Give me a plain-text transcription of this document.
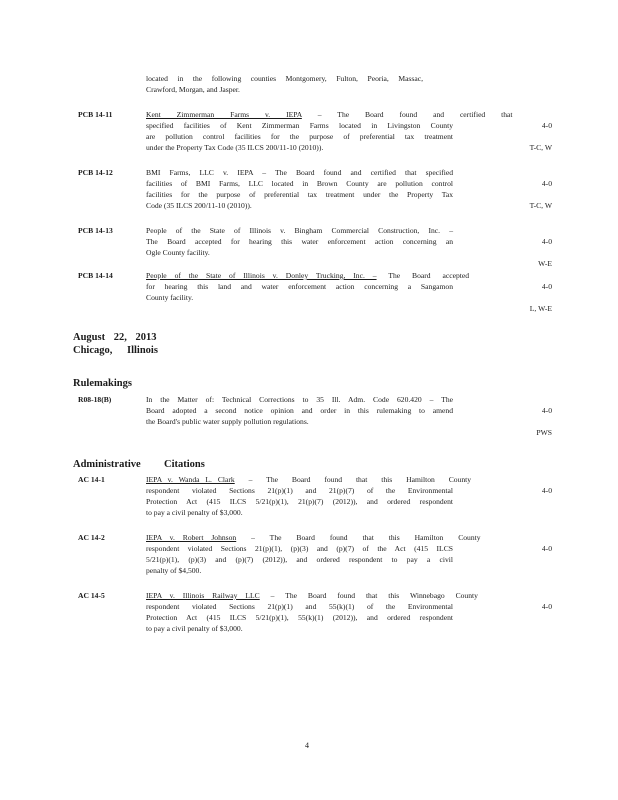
located in the following counties Montgomery, Fulton, Peoria, Massac,
Crawford, Morgan, and Jasper.
PCB 14-11	Kent Zimmerman Farms v. IEPA – The Board found and certified that
specified facilities of Kent Zimmerman Farms located in Livingston County
are pollution control facilities for the purpose of preferential tax treatment
under the Property Tax Code (35 ILCS 200/11-10 (2010)).

4-0

T-C, W

PCB 14-12	BMI Farms, LLC v. IEPA – The Board found and certified that specified
facilities of BMI Farms, LLC located in Brown County are pollution control
facilities for the purpose of preferential tax treatment under the Property Tax
Code (35 ILCS 200/11-10 (2010)).

4-0

T-C, W

PCB 14-13	People of the State of Illinois v. Bingham Commercial Construction, Inc. –
The Board accepted for hearing this water enforcement action concerning an
Ogle County facility.

4-0

W-E

PCB 14-14	People of the State of Illinois v. Donley Trucking, Inc. – The Board accepted
for hearing this land and water enforcement action concerning a Sangamon
County facility.

4-0

L, W-E

August 22, 2013
Chicago, Illinois
Rulemakings
R08-18(B)	In the Matter of: Technical Corrections to 35 Ill. Adm. Code 620.420 – The
Board adopted a second notice opinion and order in this rulemaking to amend
the Board's public water supply pollution regulations.

4-0

PWS

Administrative Citations
AC 14-1	IEPA v. Wanda L. Clark – The Board found that this Hamilton County
respondent violated Sections 21(p)(1) and 21(p)(7) of the Environmental
Protection Act (415 ILCS 5/21(p)(1), 21(p)(7) (2012)), and ordered respondent
to pay a civil penalty of $3,000.

4-0

AC 14-2	IEPA v. Robert Johnson – The Board found that this Hamilton County
respondent violated Sections 21(p)(1), (p)(3) and (p)(7) of the Act (415 ILCS
5/21(p)(1), (p)(3) and (p)(7) (2012)), and ordered respondent to pay a civil
penalty of $4,500.

4-0

AC 14-5	IEPA v. Illinois Railway LLC – The Board found that this Winnebago County
respondent violated Sections 21(p)(1) and 55(k)(1) of the Environmental
Protection Act (415 ILCS 5/21(p)(1), 55(k)(1) (2012)), and ordered respondent
to pay a civil penalty of $3,000.

4-0

4
